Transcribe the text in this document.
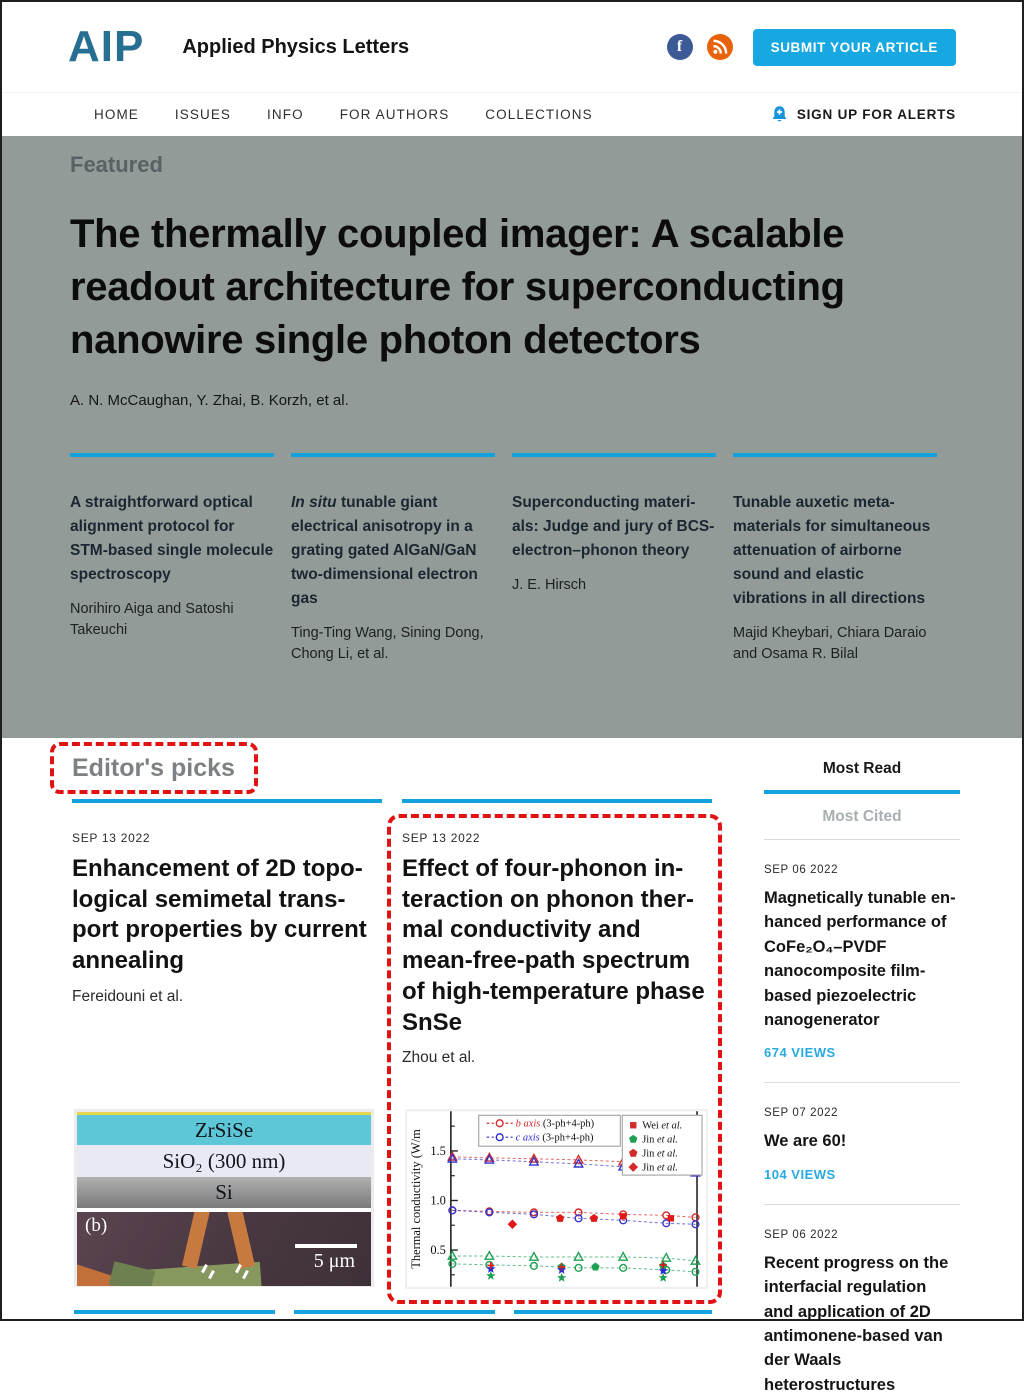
AIP Applied Physics Letters	f	SUBMIT YOUR ARTICLE
HOME	ISSUES	INFO	FOR AUTHORS	COLLECTIONS	SIGN UP FOR ALERTS
Featured
The thermally coupled imager: A scalable readout architecture for superconducting nanowire single photon detectors
A. N. McCaughan, Y. Zhai, B. Korzh, et al.
A straightforward optical alignment protocol for STM-based single molecule spectroscopy
Norihiro Aiga and Satoshi Takeuchi
In situ tunable giant electrical anisotropy in a grating gated AlGaN/GaN two-dimensional electron gas
Ting-Ting Wang, Sining Dong, Chong Li, et al.
Superconducting materials: Judge and jury of BCS-electron–phonon theory
J. E. Hirsch
Tunable auxetic metamaterials for simultaneous attenuation of airborne sound and elastic vibrations in all directions
Majid Kheybari, Chiara Daraio and Osama R. Bilal
Editor's picks
SEP 13 2022
Enhancement of 2D topological semimetal transport properties by current annealing
Fereidouni et al.
SEP 13 2022
Effect of four-phonon interaction on phonon thermal conductivity and mean-free-path spectrum of high-temperature phase SnSe
Zhou et al.
ZrSiSe
SiO₂ (300 nm)
Si
(b)
5 μm	0.5
1.0
1.5
Thermal conductivity (W/m
b axis (3-ph+4-ph)
c axis (3-ph+4-ph)
Wei et al.
Jin et al.
Jin et al.
Jin et al.
Most Read
Most Cited
SEP 06 2022
Magnetically tunable enhanced performance of CoFe₂O₄–PVDF nanocomposite film-based piezoelectric nanogenerator
674 VIEWS
SEP 07 2022
We are 60!
104 VIEWS
SEP 06 2022
Recent progress on the interfacial regulation and application of 2D antimonene-based van der Waals heterostructures
